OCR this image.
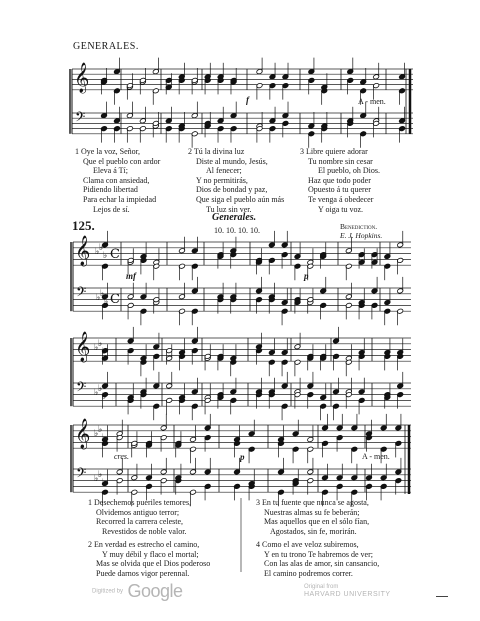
𝄞
𝄢
𝄞
𝄢
𝄞
𝄢
𝄞
𝄢
♭ ♭
♭
♭ ♭
♭
♭ ♭
♭
♭ ♭
♭
♭ ♭
♭
♭ ♭
♭
C
C
GENERALES.
f	A - men.
1 Oye la voz, Señor,
Que el pueblo con ardor
Eleva á Tí;
Clama con ansiedad,
Pidiendo libertad
Para echar la impiedad
Lejos de sí.
2 Tú la divina luz
Diste al mundo, Jesús,
Al fenecer;
Y no permitirás,
Dios de bondad y paz,
Que siga el pueblo aún más
Tu luz sin ver.
3 Libre quiere adorar
Tu nombre sin cesar
El pueblo, oh Dios.
Haz que todo poder
Opuesto á tu querer
Te venga á obedecer
Y oiga tu voz.
125.
Generales.
10. 10. 10. 10.	Benediction.
E. J. Hopkins.
mf	p
cres.	p	A - men.
1 Desechemos pueriles temores,
Olvidemos antiguo terror;
Recorred la carrera celeste,
Revestidos de noble valor.
2 En verdad es estrecho el camino,
Y muy débil y flaco el mortal;
Mas se olvida que el Dios poderoso
Puede darnos vigor perennal.
3 En tu fuente que nunca se agosta,
Nuestras almas su fe beberán;
Mas aquellos que en el sólo fían,
Agostados, sin fe, morirán.
4 Como el ave veloz subiremos,
Y en tu trono Te habremos de ver;
Con las alas de amor, sin cansancio,
El camino podremos correr.
Digitized by Google	Original from
HARVARD UNIVERSITY
